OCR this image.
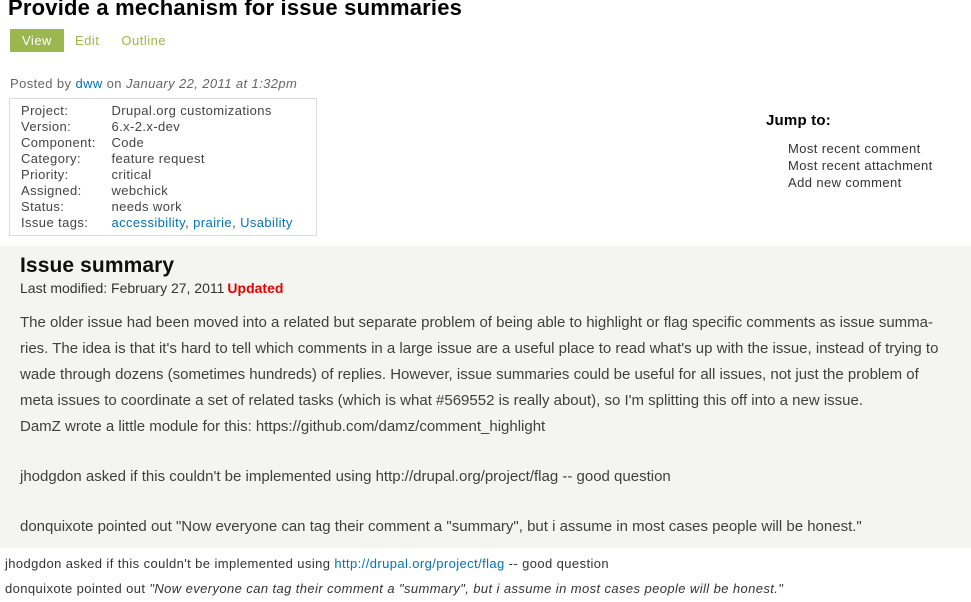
Provide a mechanism for issue summaries
View	Edit	Outline
Posted by dww on January 22, 2011 at 1:32pm
Project:	Drupal.org customizations
Version:	6.x-2.x-dev
Component:	Code
Category:	feature request
Priority:	critical
Assigned:	webchick
Status:	needs work
Issue tags:	accessibility, prairie, Usability
Jump to:
Most recent comment
Most recent attachment
Add new comment
Issue summary
Last modified: February 27, 2011 Updated
The older issue had been moved into a related but separate problem of being able to highlight or flag specific comments as issue summa-
ries. The idea is that it's hard to tell which comments in a large issue are a useful place to read what's up with the issue, instead of trying to
wade through dozens (sometimes hundreds) of replies. However, issue summaries could be useful for all issues, not just the problem of
meta issues to coordinate a set of related tasks (which is what #569552 is really about), so I'm splitting this off into a new issue.
DamZ wrote a little module for this: https://github.com/damz/comment_highlight
jhodgdon asked if this couldn't be implemented using http://drupal.org/project/flag -- good question
donquixote pointed out "Now everyone can tag their comment a "summary", but i assume in most cases people will be honest."
jhodgdon asked if this couldn't be implemented using http://drupal.org/project/flag -- good question
donquixote pointed out "Now everyone can tag their comment a "summary", but i assume in most cases people will be honest."
